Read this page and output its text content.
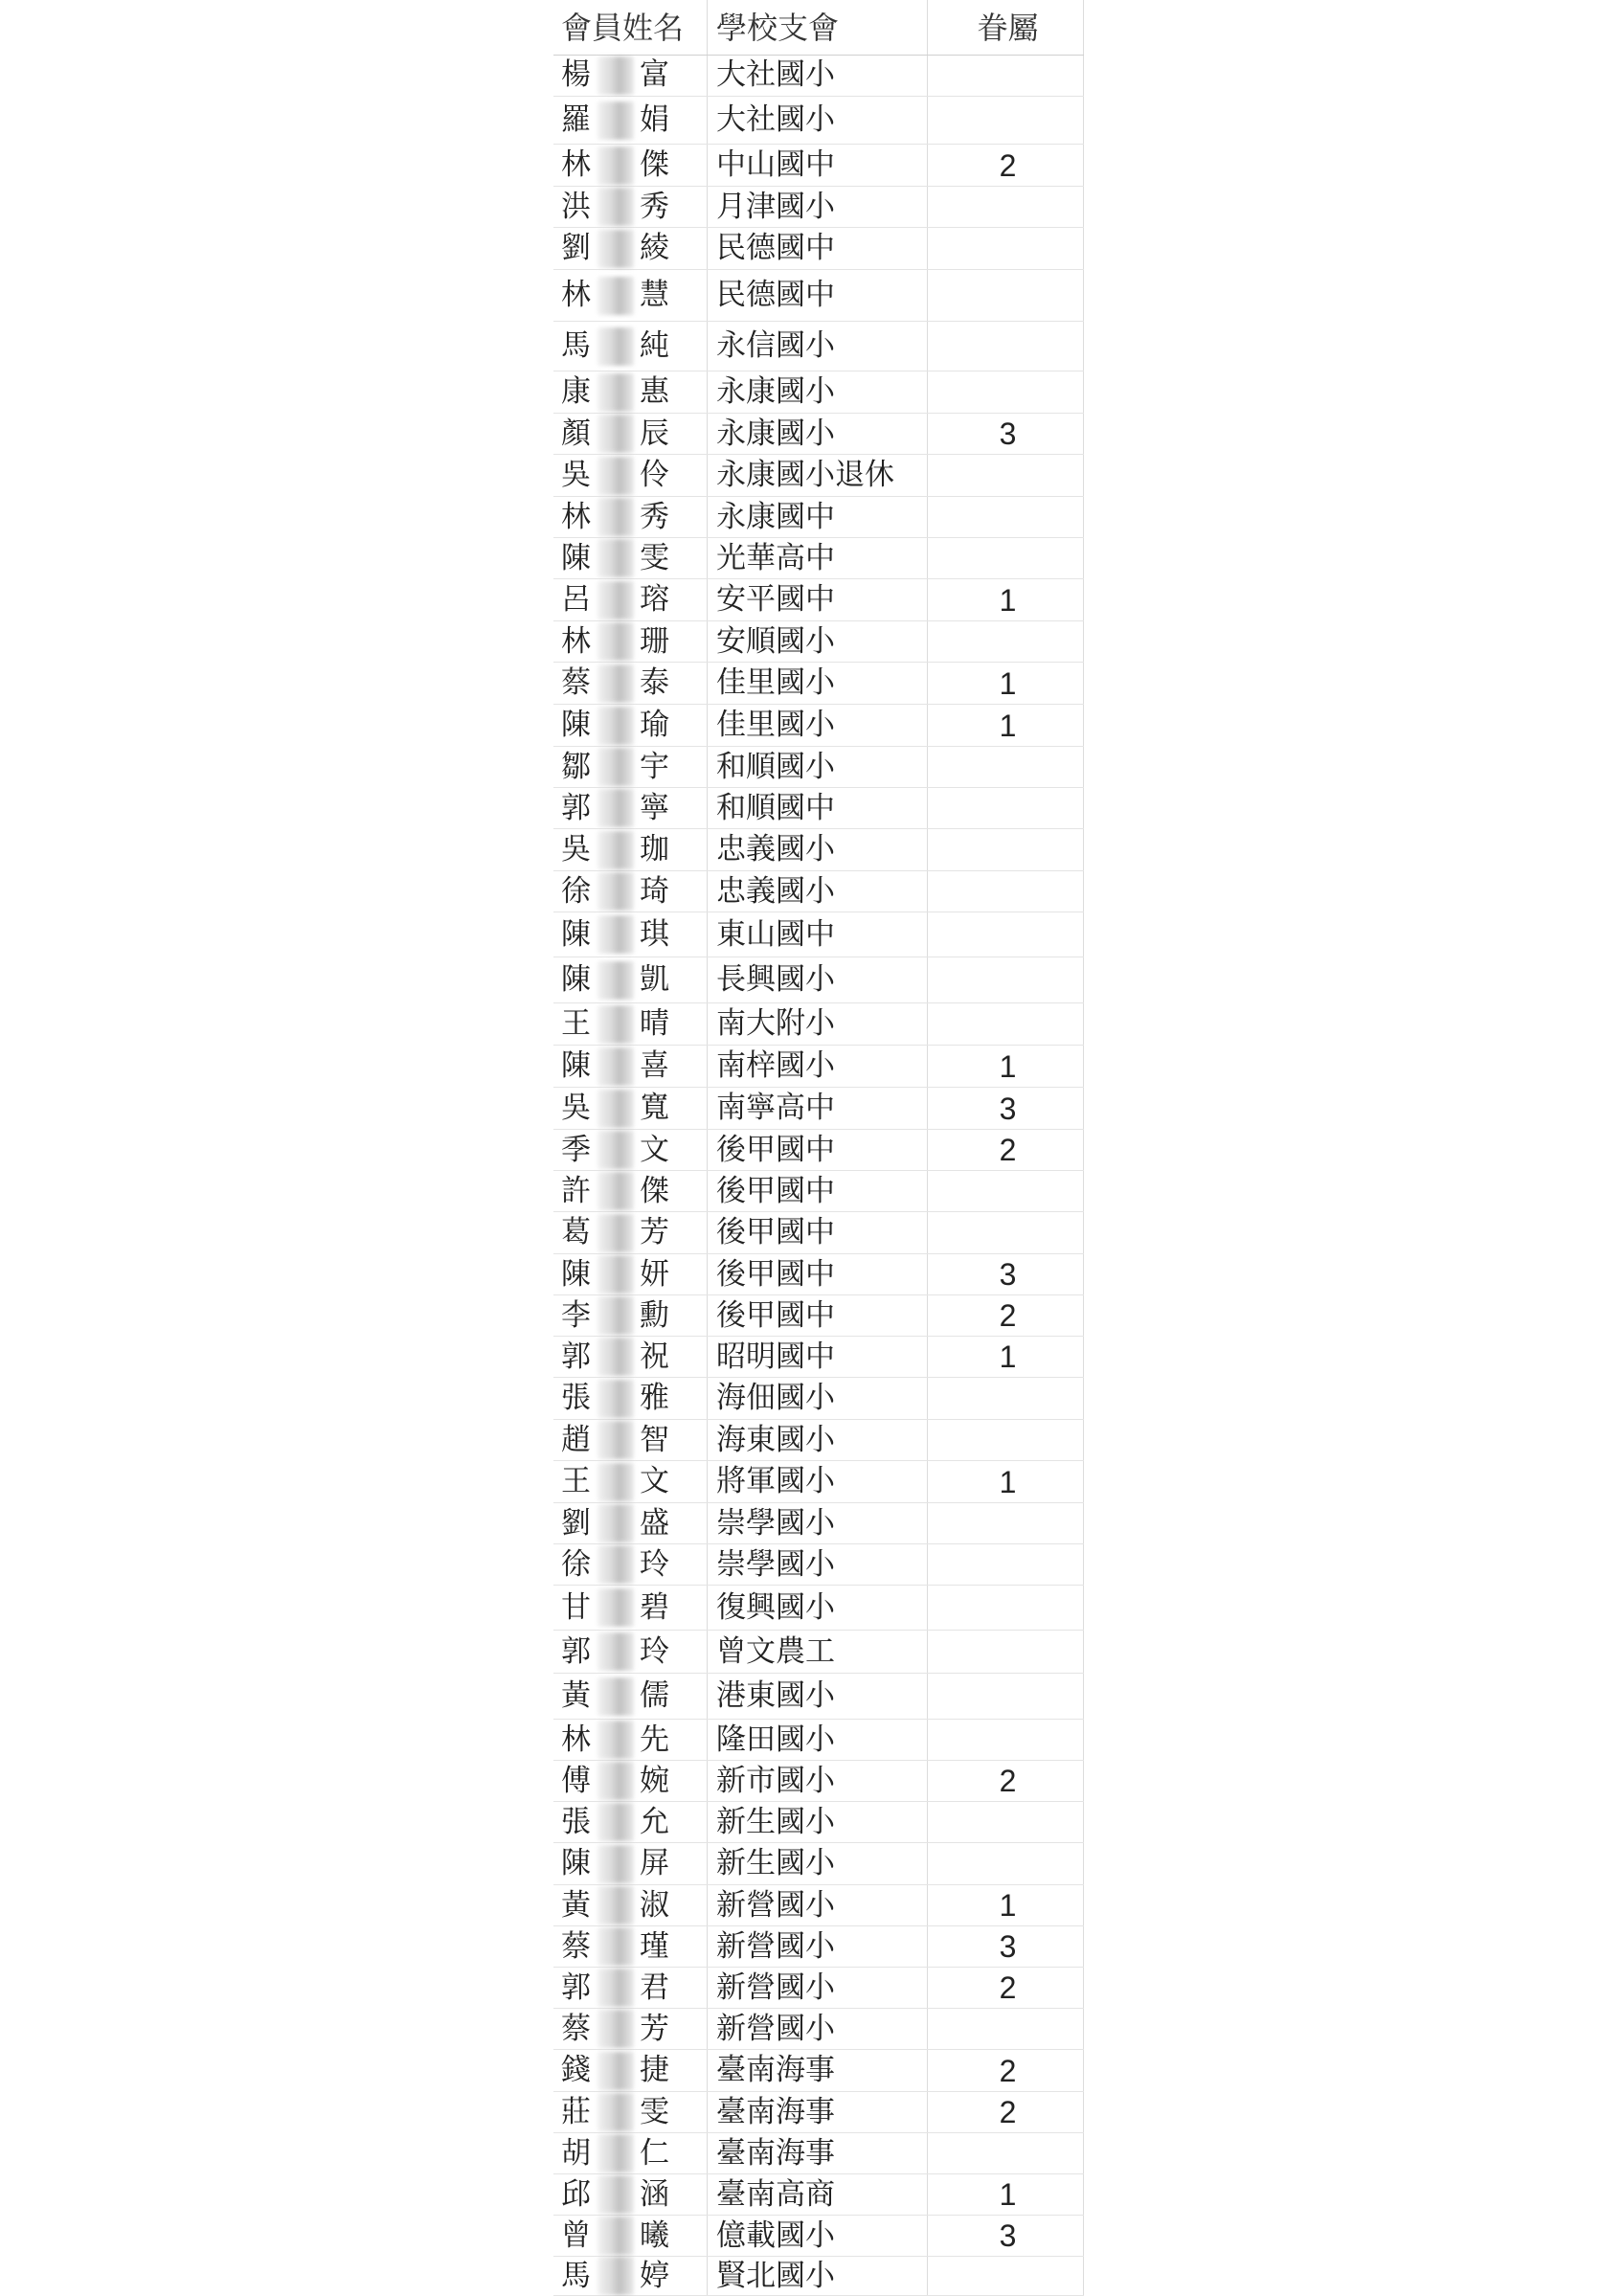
會員姓名	學校支會	眷屬
楊 富 大社國小
羅 娟 大社國小
林 傑 中山國中	2
洪 秀 月津國小
劉 綾 民德國中
林 慧 民德國中
馬 純 永信國小
康 惠 永康國小
顏 辰 永康國小	3
吳 伶 永康國小退休
林 秀 永康國中
陳 雯 光華高中
呂 瑢 安平國中	1
林 珊 安順國小
蔡 泰 佳里國小	1
陳 瑜 佳里國小	1
鄒 宇 和順國小
郭 寧 和順國中
吳 珈 忠義國小
徐 琦 忠義國小
陳 琪 東山國中
陳 凱 長興國小
王 晴 南大附小
陳 喜 南梓國小	1
吳 寬 南寧高中	3
季 文 後甲國中	2
許 傑 後甲國中
葛 芳 後甲國中
陳 妍 後甲國中	3
李 勳 後甲國中	2
郭 祝 昭明國中	1
張 雅 海佃國小
趙 智 海東國小
王 文 將軍國小	1
劉 盛 崇學國小
徐 玲 崇學國小
甘 碧 復興國小
郭 玲 曾文農工
黃 儒 港東國小
林 先 隆田國小
傅 婉 新市國小	2
張 允 新生國小
陳 屏 新生國小
黃 淑 新營國小	1
蔡 瑾 新營國小	3
郭 君 新營國小	2
蔡 芳 新營國小
錢 捷 臺南海事	2
莊 雯 臺南海事	2
胡 仁 臺南海事
邱 涵 臺南高商	1
曾 曦 億載國小	3
馬 婷 賢北國小
